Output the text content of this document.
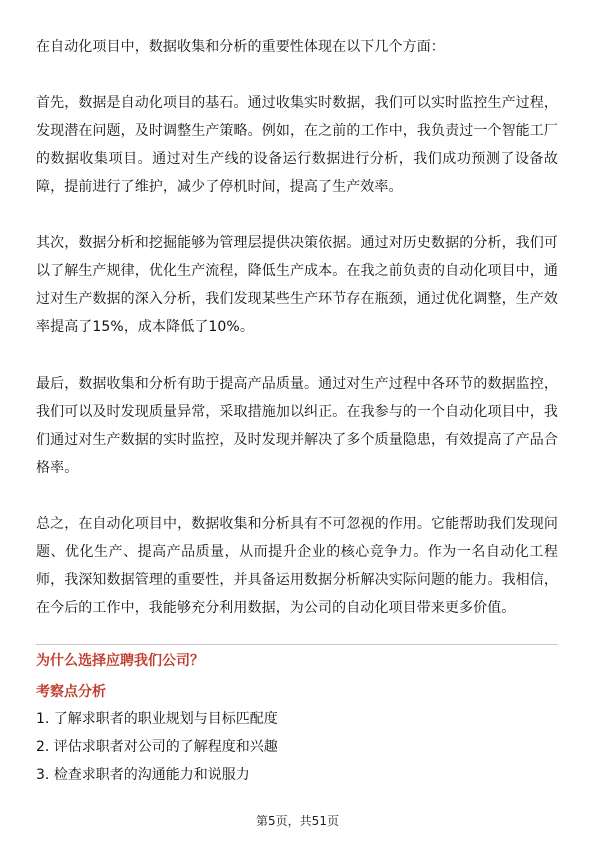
在自动化项目中，数据收集和分析的重要性体现在以下几个方面：

首先，数据是自动化项目的基石。通过收集实时数据，我们可以实时监控生产过程，发现潜在问题，及时调整生产策略。例如，在之前的工作中，我负责过一个智能工厂的数据收集项目。通过对生产线的设备运行数据进行分析，我们成功预测了设备故障，提前进行了维护，减少了停机时间，提高了生产效率。

其次，数据分析和挖掘能够为管理层提供决策依据。通过对历史数据的分析，我们可以了解生产规律，优化生产流程，降低生产成本。在我之前负责的自动化项目中，通过对生产数据的深入分析，我们发现某些生产环节存在瓶颈，通过优化调整，生产效率提高了15%，成本降低了10%。

最后，数据收集和分析有助于提高产品质量。通过对生产过程中各环节的数据监控，我们可以及时发现质量异常，采取措施加以纠正。在我参与的一个自动化项目中，我们通过对生产数据的实时监控，及时发现并解决了多个质量隐患，有效提高了产品合格率。

总之，在自动化项目中，数据收集和分析具有不可忽视的作用。它能帮助我们发现问题、优化生产、提高产品质量，从而提升企业的核心竞争力。作为一名自动化工程师，我深知数据管理的重要性，并具备运用数据分析解决实际问题的能力。我相信，在今后的工作中，我能够充分利用数据，为公司的自动化项目带来更多价值。

为什么选择应聘我们公司？
考察点分析
1. 了解求职者的职业规划与目标匹配度
2. 评估求职者对公司的了解程度和兴趣
3. 检查求职者的沟通能力和说服力
第5页，共51页
